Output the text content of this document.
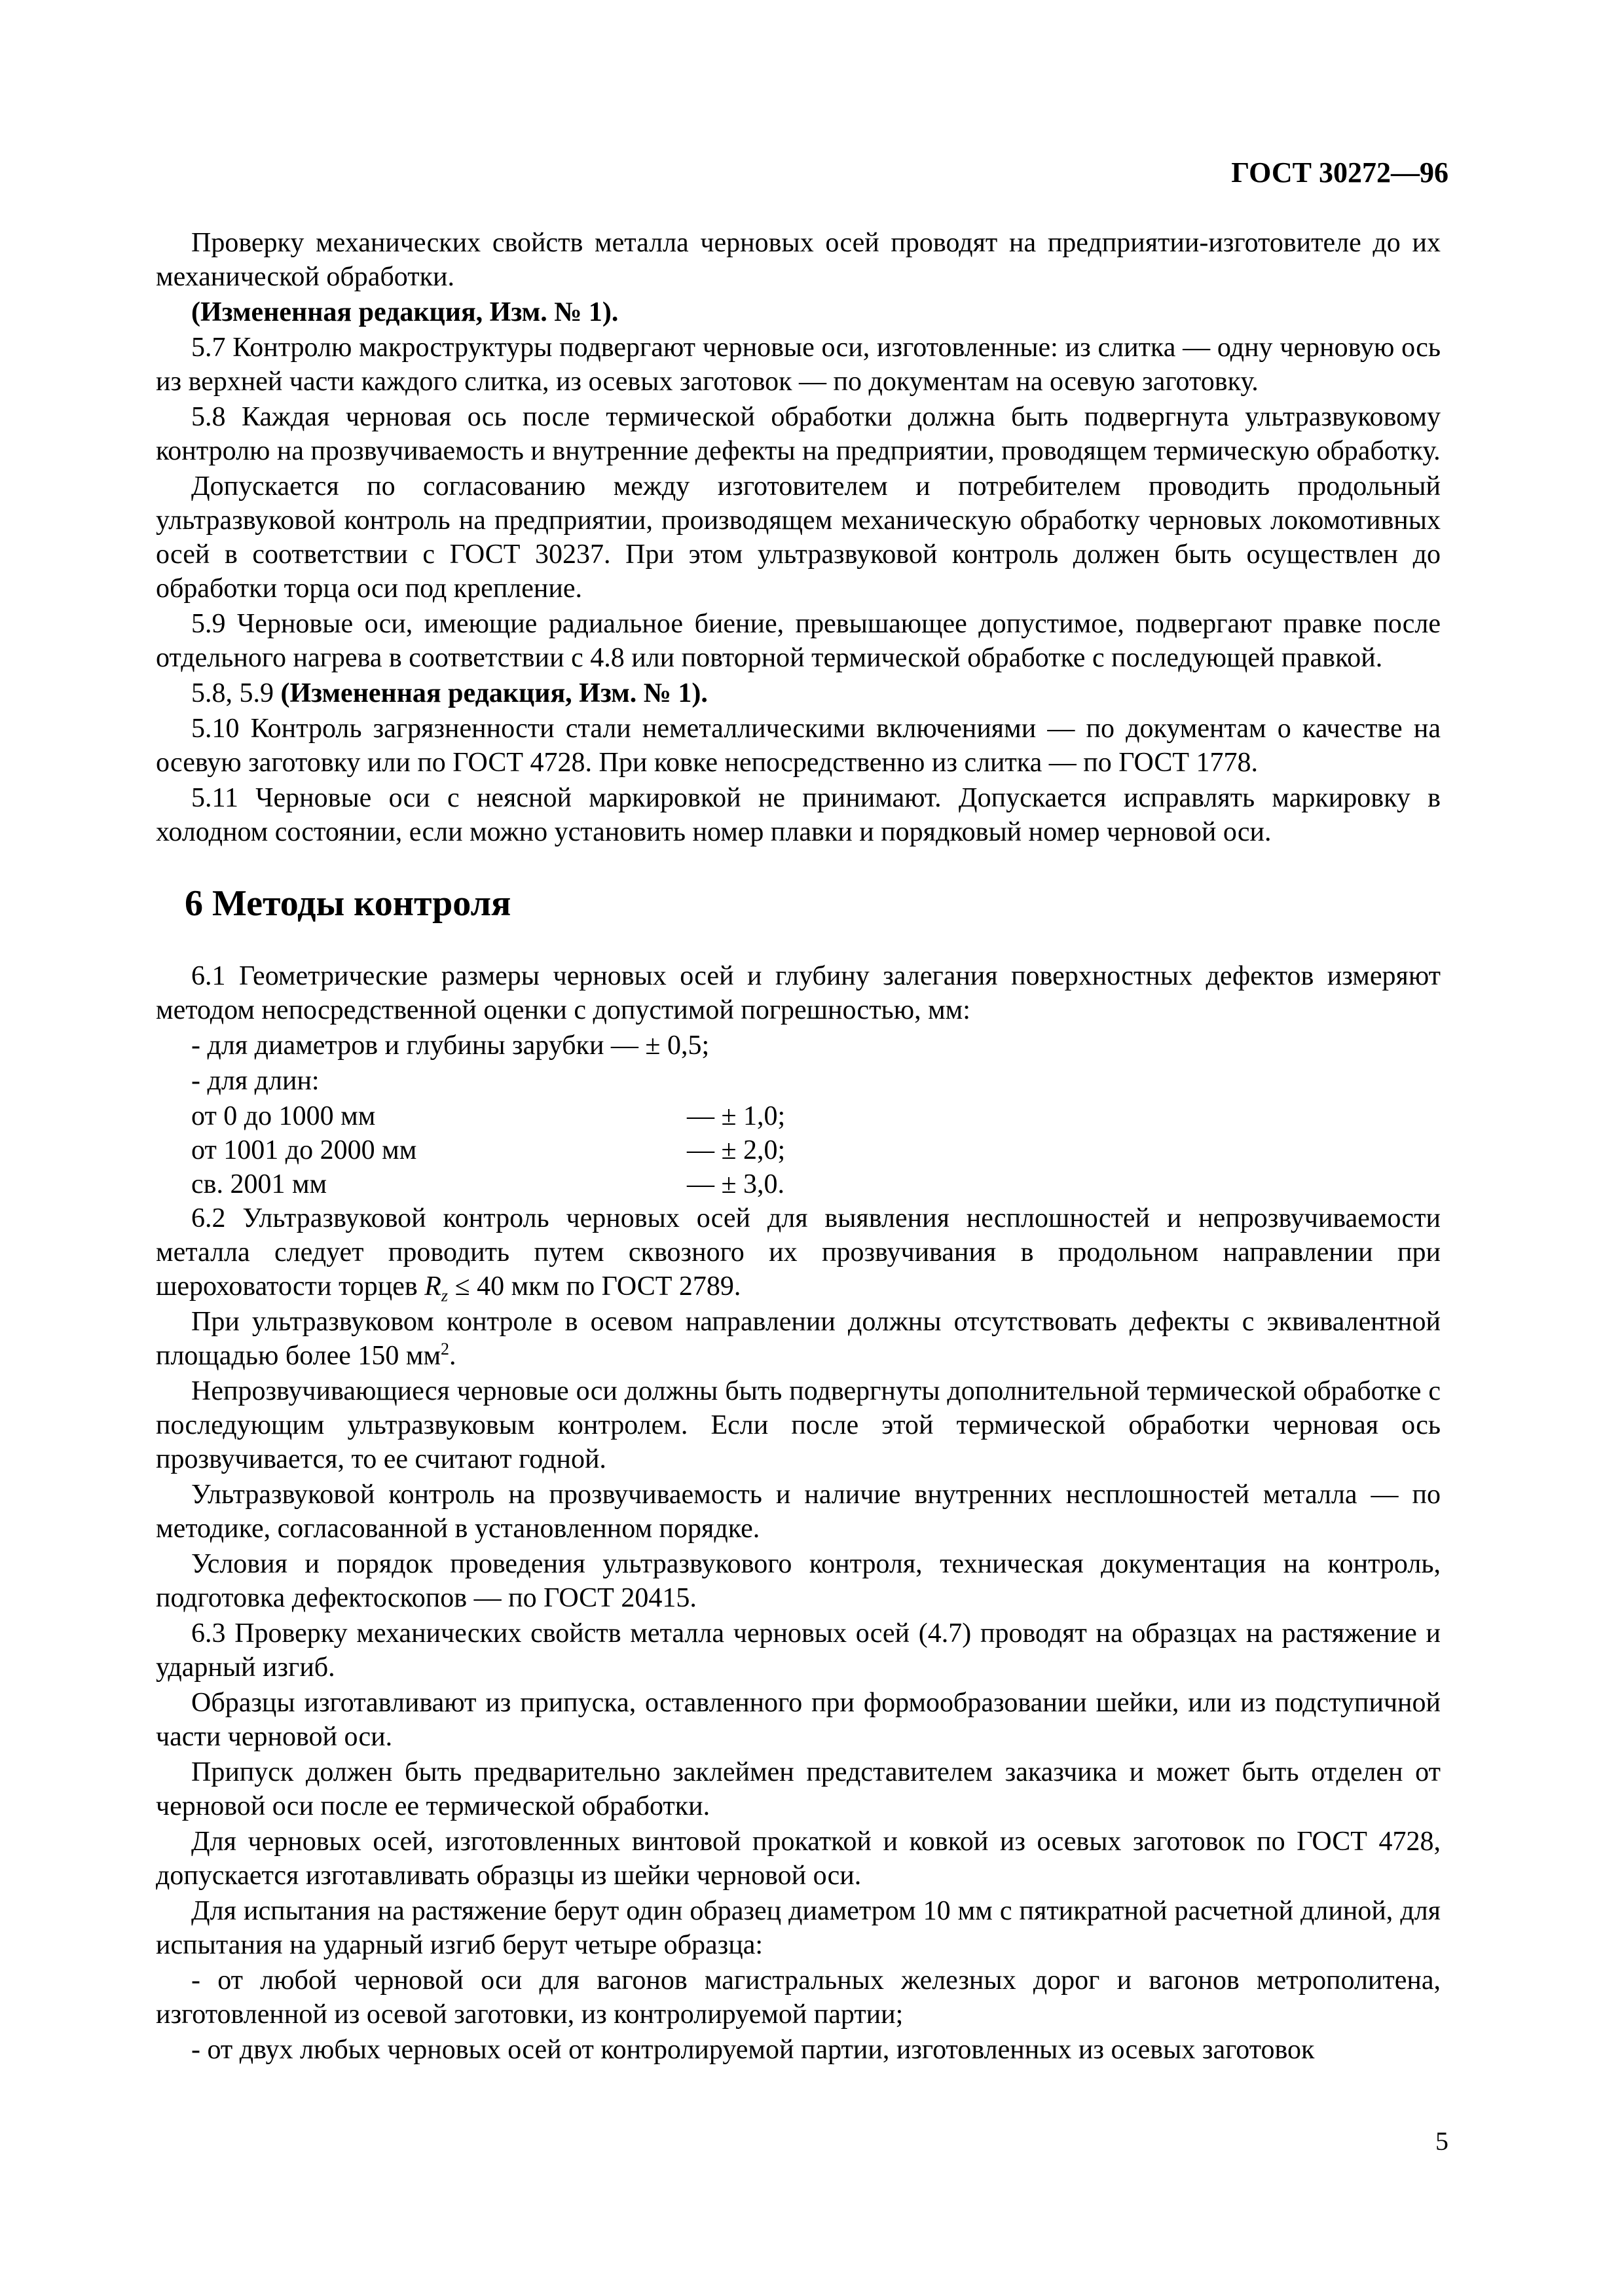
ГОСТ 30272—96

Проверку механических свойств металла черновых осей проводят на предприятии-изготовителе до их механической обработки.

(Измененная редакция, Изм. № 1).

5.7 Контролю макроструктуры подвергают черновые оси, изготовленные: из слитка — одну черновую ось из верхней части каждого слитка, из осевых заготовок — по документам на осевую заготовку.

5.8 Каждая черновая ось после термической обработки должна быть подвергнута ультразвуковому контролю на прозвучиваемость и внутренние дефекты на предприятии, проводящем термическую обработку.

Допускается по согласованию между изготовителем и потребителем проводить продольный ультразвуковой контроль на предприятии, производящем механическую обработку черновых локомотивных осей в соответствии с ГОСТ 30237. При этом ультразвуковой контроль должен быть осуществлен до обработки торца оси под крепление.

5.9 Черновые оси, имеющие радиальное биение, превышающее допустимое, подвергают правке после отдельного нагрева в соответствии с 4.8 или повторной термической обработке с последующей правкой.

5.8, 5.9 (Измененная редакция, Изм. № 1).

5.10 Контроль загрязненности стали неметаллическими включениями — по документам о качестве на осевую заготовку или по ГОСТ 4728. При ковке непосредственно из слитка — по ГОСТ 1778.

5.11 Черновые оси с неясной маркировкой не принимают. Допускается исправлять маркировку в холодном состоянии, если можно установить номер плавки и порядковый номер черновой оси.

6 Методы контроля

6.1 Геометрические размеры черновых осей и глубину залегания поверхностных дефектов измеряют методом непосредственной оценки с допустимой погрешностью, мм:

- для диаметров и глубины зарубки — ± 0,5;

- для длин:

от 0 до 1000 мм	— ± 1,0;
от 1001 до 2000 мм	— ± 2,0;
св. 2001 мм	— ± 3,0.

6.2 Ультразвуковой контроль черновых осей для выявления несплошностей и непрозвучиваемости металла следует проводить путем сквозного их прозвучивания в продольном направлении при шероховатости торцев $R_z \le 40$ мкм по ГОСТ 2789.

При ультразвуковом контроле в осевом направлении должны отсутствовать дефекты с эквивалентной площадью более 150 $мм^2$.

Непрозвучивающиеся черновые оси должны быть подвергнуты дополнительной термической обработке с последующим ультразвуковым контролем. Если после этой термической обработки черновая ось прозвучивается, то ее считают годной.

Ультразвуковой контроль на прозвучиваемость и наличие внутренних несплошностей металла — по методике, согласованной в установленном порядке.

Условия и порядок проведения ультразвукового контроля, техническая документация на контроль, подготовка дефектоскопов — по ГОСТ 20415.

6.3 Проверку механических свойств металла черновых осей (4.7) проводят на образцах на растяжение и ударный изгиб.

Образцы изготавливают из припуска, оставленного при формообразовании шейки, или из подступичной части черновой оси.

Припуск должен быть предварительно заклеймен представителем заказчика и может быть отделен от черновой оси после ее термической обработки.

Для черновых осей, изготовленных винтовой прокаткой и ковкой из осевых заготовок по ГОСТ 4728, допускается изготавливать образцы из шейки черновой оси.

Для испытания на растяжение берут один образец диаметром 10 мм с пятикратной расчетной длиной, для испытания на ударный изгиб берут четыре образца:

- от любой черновой оси для вагонов магистральных железных дорог и вагонов метрополитена, изготовленной из осевой заготовки, из контролируемой партии;

- от двух любых черновых осей от контролируемой партии, изготовленных из осевых заготовок

5
